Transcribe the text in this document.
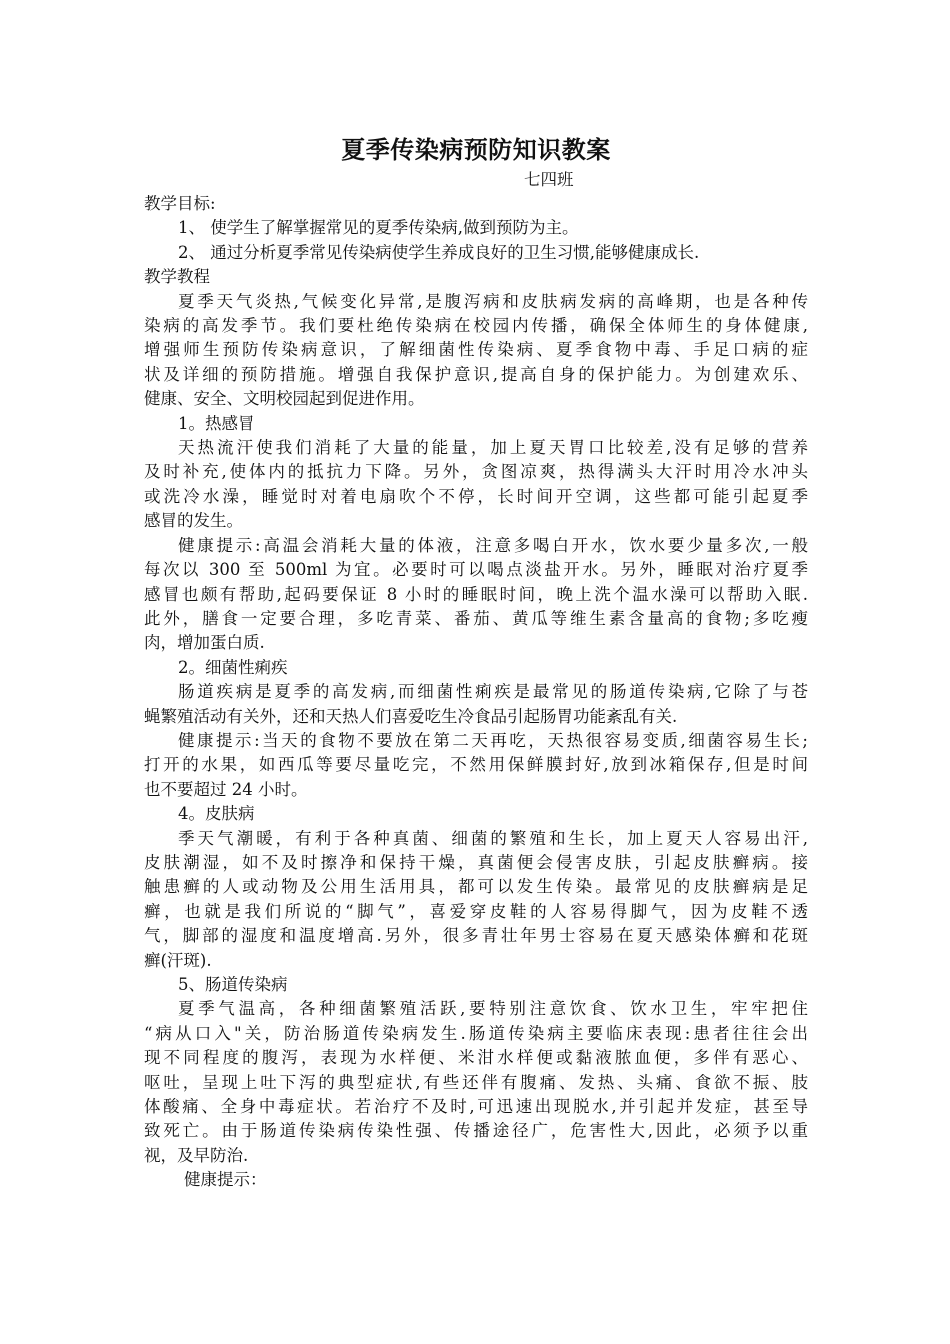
夏季传染病预防知识教案
七四班

教学目标:

1、 使学生了解掌握常见的夏季传染病,做到预防为主。

2、 通过分析夏季常见传染病使学生养成良好的卫生习惯,能够健康成长.

教学教程

夏季天气炎热,气候变化异常,是腹泻病和皮肤病发病的高峰期，也是各种传

染病的高发季节。我们要杜绝传染病在校园内传播，确保全体师生的身体健康,

增强师生预防传染病意识，了解细菌性传染病、夏季食物中毒、手足口病的症

状及详细的预防措施。增强自我保护意识,提高自身的保护能力。为创建欢乐、

健康、安全、文明校园起到促进作用。

1。热感冒

天热流汗使我们消耗了大量的能量，加上夏天胃口比较差,没有足够的营养

及时补充,使体内的抵抗力下降。另外，贪图凉爽，热得满头大汗时用冷水冲头

或洗冷水澡，睡觉时对着电扇吹个不停，长时间开空调，这些都可能引起夏季

感冒的发生。

健康提示:高温会消耗大量的体液，注意多喝白开水，饮水要少量多次,一般

每次以 300 至 500ml 为宜。必要时可以喝点淡盐开水。另外，睡眠对治疗夏季

感冒也颇有帮助,起码要保证 8 小时的睡眠时间，晚上洗个温水澡可以帮助入眠.

此外，膳食一定要合理，多吃青菜、番茄、黄瓜等维生素含量高的食物;多吃瘦

肉，增加蛋白质.

2。细菌性痢疾

肠道疾病是夏季的高发病,而细菌性痢疾是最常见的肠道传染病,它除了与苍

蝇繁殖活动有关外，还和天热人们喜爱吃生冷食品引起肠胃功能紊乱有关.

健康提示:当天的食物不要放在第二天再吃，天热很容易变质,细菌容易生长;

打开的水果，如西瓜等要尽量吃完，不然用保鲜膜封好,放到冰箱保存,但是时间

也不要超过 24 小时。

4。皮肤病

季天气潮暖，有利于各种真菌、细菌的繁殖和生长，加上夏天人容易出汗,

皮肤潮湿，如不及时擦净和保持干燥，真菌便会侵害皮肤，引起皮肤癣病。接

触患癣的人或动物及公用生活用具，都可以发生传染。最常见的皮肤癣病是足

癣，也就是我们所说的“脚气”，喜爱穿皮鞋的人容易得脚气，因为皮鞋不透

气，脚部的湿度和温度增高.另外，很多青壮年男士容易在夏天感染体癣和花斑

癣(汗斑).

5、肠道传染病

夏季气温高，各种细菌繁殖活跃,要特别注意饮食、饮水卫生，牢牢把住

“病从口入"关，防治肠道传染病发生.肠道传染病主要临床表现:患者往往会出

现不同程度的腹泻，表现为水样便、米泔水样便或黏液脓血便，多伴有恶心、

呕吐，呈现上吐下泻的典型症状,有些还伴有腹痛、发热、头痛、食欲不振、肢

体酸痛、全身中毒症状。若治疗不及时,可迅速出现脱水,并引起并发症，甚至导

致死亡。由于肠道传染病传染性强、传播途径广，危害性大,因此，必须予以重

视，及早防治.

健康提示：
